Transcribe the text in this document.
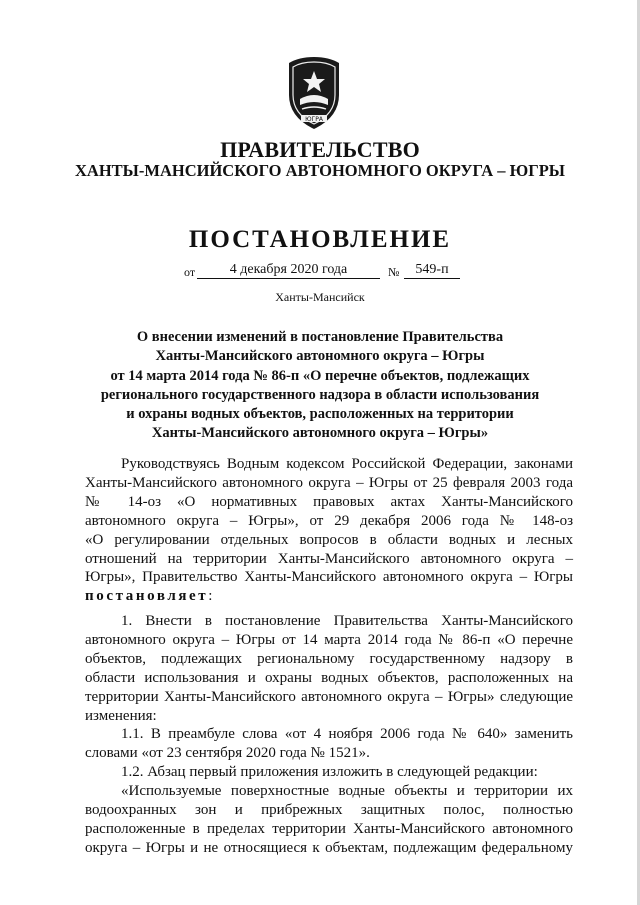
ЮГРА
ПРАВИТЕЛЬСТВО
ХАНТЫ-МАНСИЙСКОГО АВТОНОМНОГО ОКРУГА – ЮГРЫ
ПОСТАНОВЛЕНИЕ
от	4 декабря 2020 года	№	549-п
Ханты-Мансийск
О внесении изменений в постановление Правительства
Ханты-Мансийского автономного округа – Югры
от 14 марта 2014 года № 86-п «О перечне объектов, подлежащих
регионального государственного надзора в области использования
и охраны водных объектов, расположенных на территории
Ханты-Мансийского автономного округа – Югры»

Руководствуясь Водным кодексом Российской Федерации, законами

Ханты-Мансийского автономного округа – Югры от 25 февраля 2003 года

№ 14-оз «О нормативных правовых актах Ханты-Мансийского

автономного округа – Югры», от 29 декабря 2006 года № 148-оз

«О регулировании отдельных вопросов в области водных и лесных

отношений на территории Ханты-Мансийского автономного округа –

Югры», Правительство Ханты-Мансийского автономного округа – Югры

постановляет:

1. Внести в постановление Правительства Ханты-Мансийского

автономного округа – Югры от 14 марта 2014 года № 86-п «О перечне

объектов, подлежащих региональному государственному надзору в

области использования и охраны водных объектов, расположенных на

территории Ханты-Мансийского автономного округа – Югры» следующие

изменения:

1.1. В преамбуле слова «от 4 ноября 2006 года № 640» заменить

словами «от 23 сентября 2020 года № 1521».

1.2. Абзац первый приложения изложить в следующей редакции:

«Используемые поверхностные водные объекты и территории их

водоохранных зон и прибрежных защитных полос, полностью

расположенные в пределах территории Ханты-Мансийского автономного

округа – Югры и не относящиеся к объектам, подлежащим федеральному
